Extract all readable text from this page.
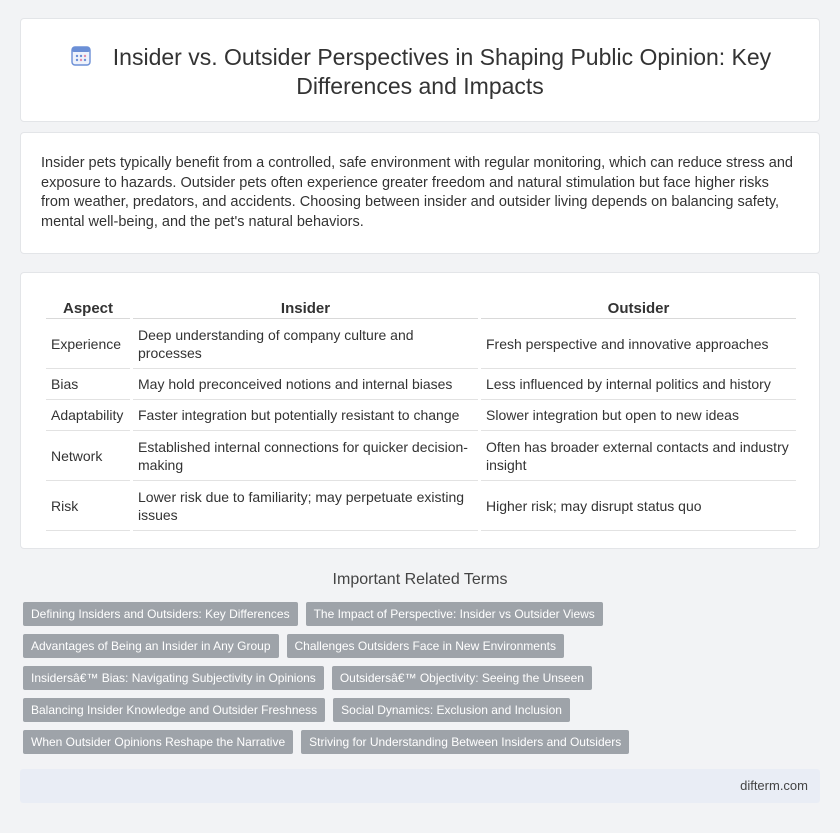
Insider vs. Outsider Perspectives in Shaping Public Opinion: Key Differences and Impacts

Insider pets typically benefit from a controlled, safe environment with regular monitoring, which can reduce stress and exposure to hazards. Outsider pets often experience greater freedom and natural stimulation but face higher risks from weather, predators, and accidents. Choosing between insider and outsider living depends on balancing safety, mental well-being, and the pet's natural behaviors.

Aspect	Insider	Outsider
Experience	Deep understanding of company culture and processes	Fresh perspective and innovative approaches
Bias	May hold preconceived notions and internal biases	Less influenced by internal politics and history
Adaptability	Faster integration but potentially resistant to change	Slower integration but open to new ideas
Network	Established internal connections for quicker decision-making	Often has broader external contacts and industry insight
Risk	Lower risk due to familiarity; may perpetuate existing issues	Higher risk; may disrupt status quo
Important Related Terms
Defining Insiders and Outsiders: Key Differences	The Impact of Perspective: Insider vs Outsider Views
Advantages of Being an Insider in Any Group	Challenges Outsiders Face in New Environments
Insidersâ€™ Bias: Navigating Subjectivity in Opinions	Outsidersâ€™ Objectivity: Seeing the Unseen
Balancing Insider Knowledge and Outsider Freshness	Social Dynamics: Exclusion and Inclusion
When Outsider Opinions Reshape the Narrative	Striving for Understanding Between Insiders and Outsiders
difterm.com
